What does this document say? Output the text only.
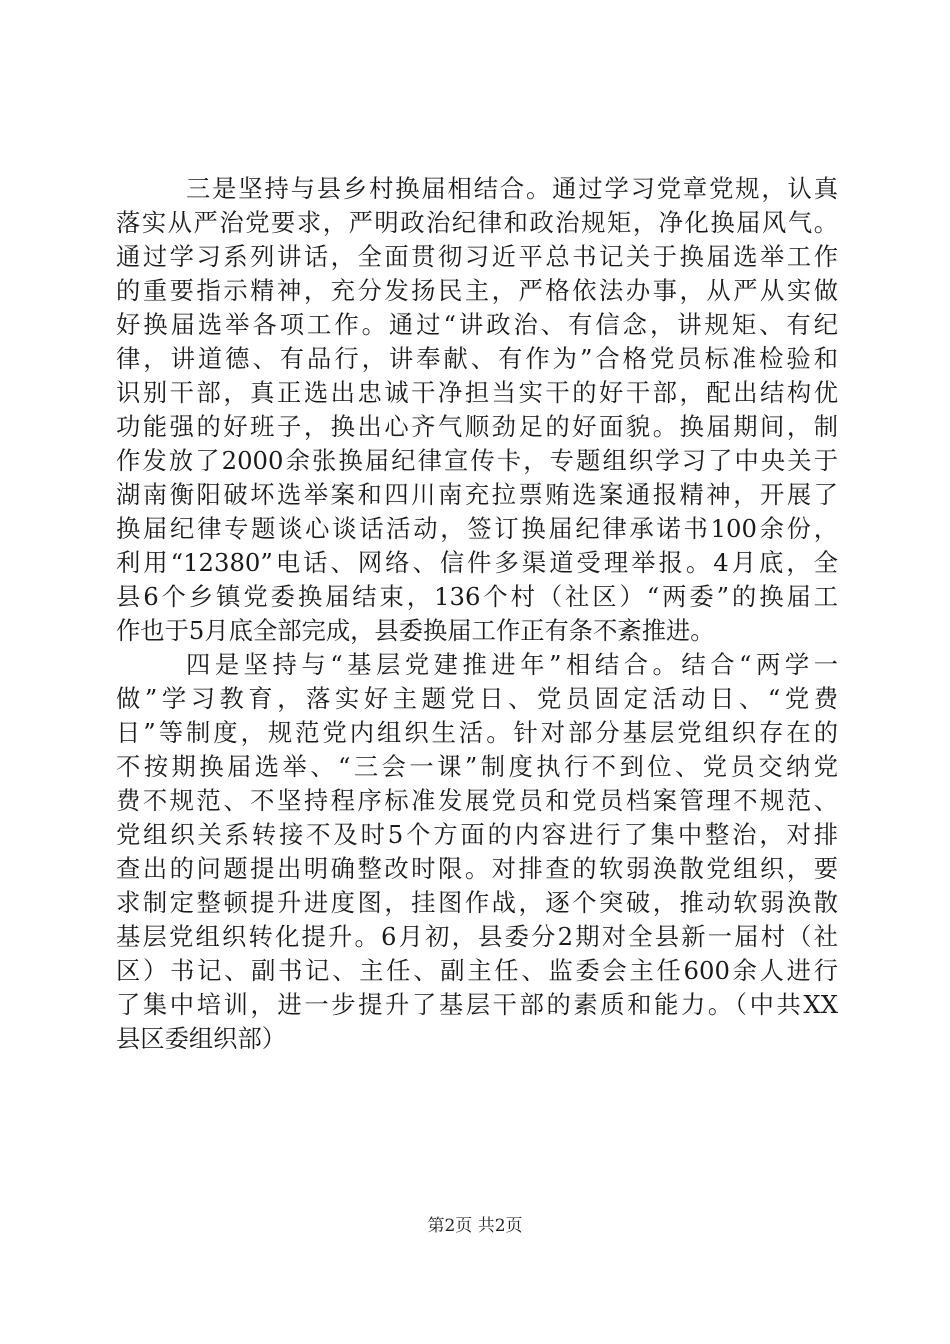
三是坚持与县乡村换届相结合。通过学习党章党规，认真
落实从严治党要求，严明政治纪律和政治规矩，净化换届风气。
通过学习系列讲话，全面贯彻习近平总书记关于换届选举工作
的重要指示精神，充分发扬民主，严格依法办事，从严从实做
好换届选举各项工作。通过“讲政治、有信念，讲规矩、有纪
律，讲道德、有品行，讲奉献、有作为”合格党员标准检验和
识别干部，真正选出忠诚干净担当实干的好干部，配出结构优
功能强的好班子，换出心齐气顺劲足的好面貌。换届期间，制
作发放了2000余张换届纪律宣传卡，专题组织学习了中央关于
湖南衡阳破坏选举案和四川南充拉票贿选案通报精神，开展了
换届纪律专题谈心谈话活动，签订换届纪律承诺书100余份，
利用“12380”电话、网络、信件多渠道受理举报。4月底，全
县6个乡镇党委换届结束，136个村（社区）“两委”的换届工
作也于5月底全部完成，县委换届工作正有条不紊推进。
四是坚持与“基层党建推进年”相结合。结合“两学一
做”学习教育，落实好主题党日、党员固定活动日、“党费
日”等制度，规范党内组织生活。针对部分基层党组织存在的
不按期换届选举、“三会一课”制度执行不到位、党员交纳党
费不规范、不坚持程序标准发展党员和党员档案管理不规范、
党组织关系转接不及时5个方面的内容进行了集中整治，对排
查出的问题提出明确整改时限。对排查的软弱涣散党组织，要
求制定整顿提升进度图，挂图作战，逐个突破，推动软弱涣散
基层党组织转化提升。6月初，县委分2期对全县新一届村（社
区）书记、副书记、主任、副主任、监委会主任600余人进行
了集中培训，进一步提升了基层干部的素质和能力。（中共XX
县区委组织部）
第2页 共2页
